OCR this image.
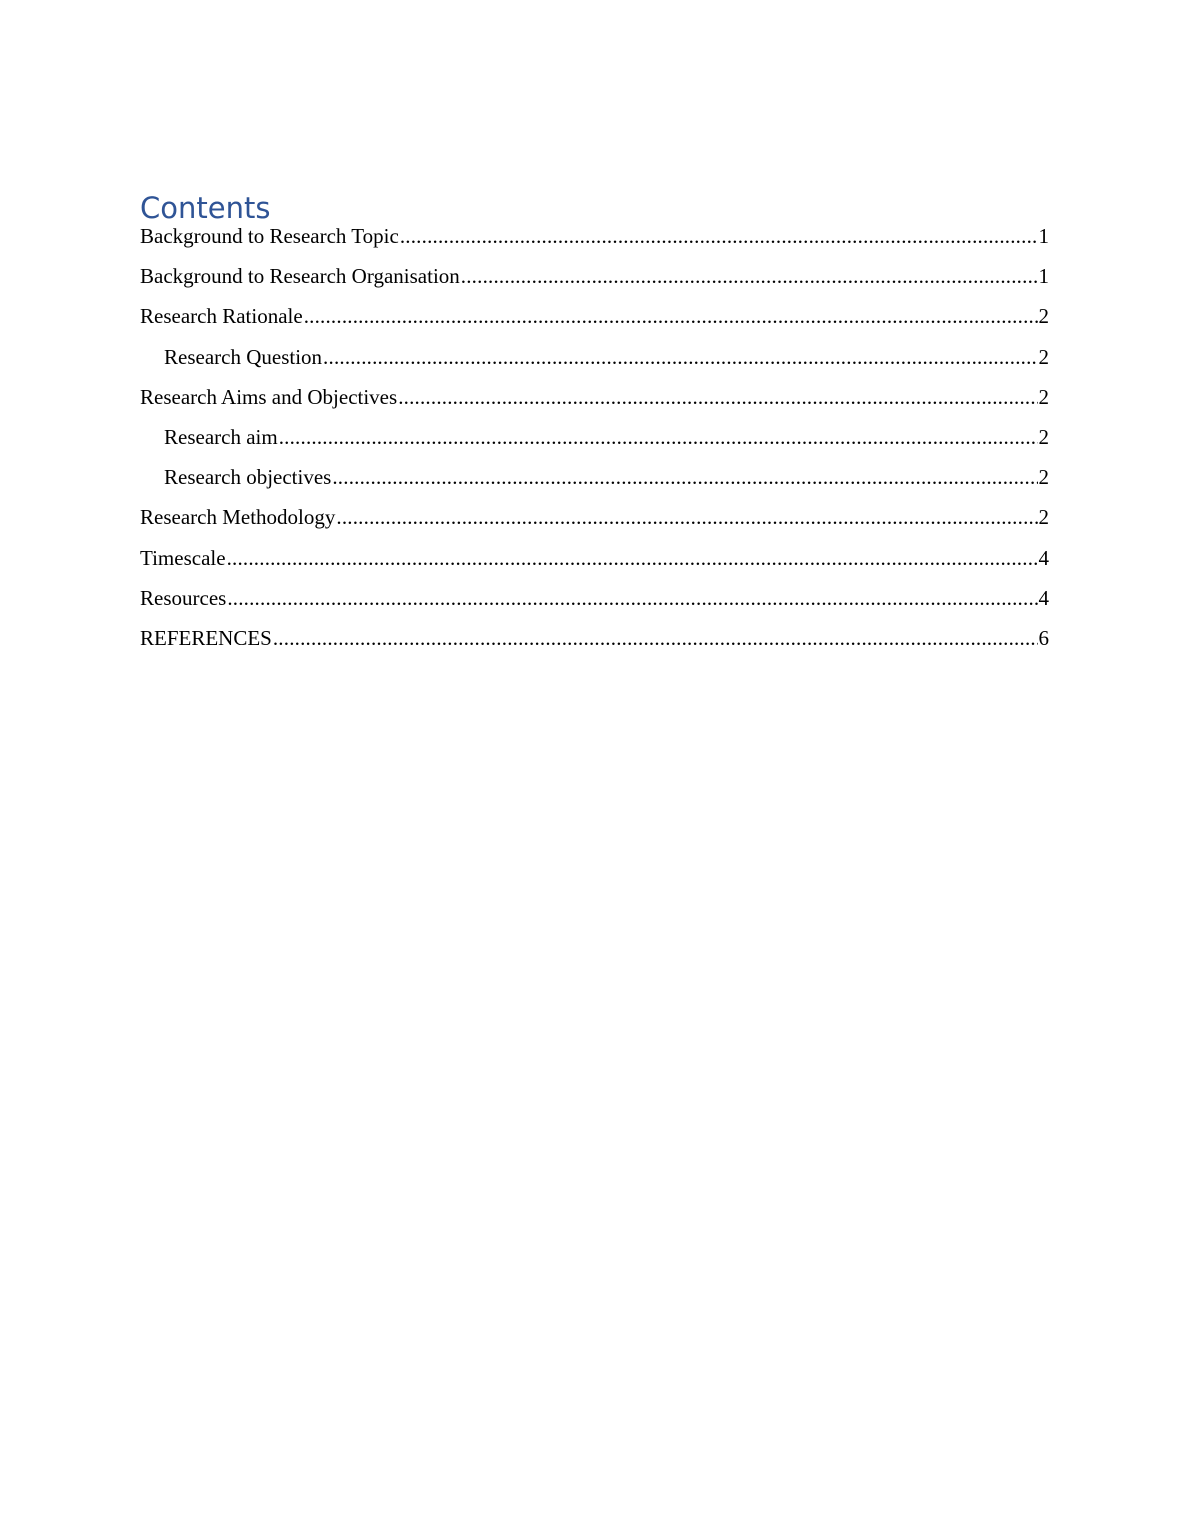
Contents
Background to Research Topic .....	1
Background to Research Organisation .....	1
Research Rationale .....	2
Research Question .....	2
Research Aims and Objectives .....	2
Research aim .....	2
Research objectives .....	2
Research Methodology .....	2
Timescale .....	4
Resources .....	4
REFERENCES .....	6
